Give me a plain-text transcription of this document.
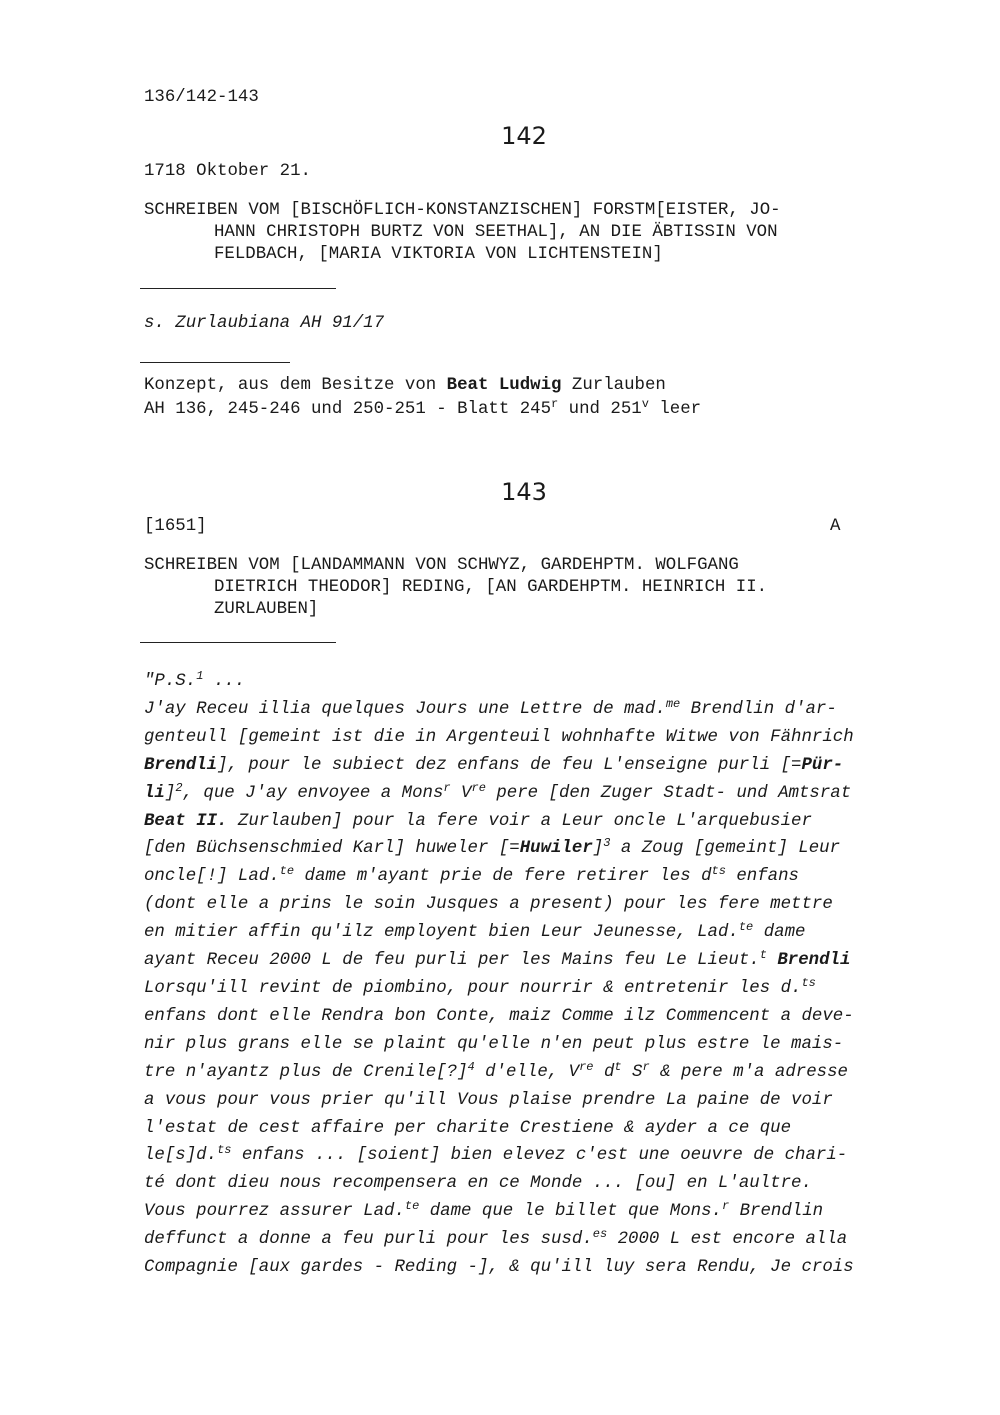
136/142-143
142
1718 Oktober 21.
SCHREIBEN VOM [BISCHÖFLICH-KONSTANZISCHEN] FORSTM[EISTER, JO-
HANN CHRISTOPH BURTZ VON SEETHAL], AN DIE ÄBTISSIN VON
FELDBACH, [MARIA VIKTORIA VON LICHTENSTEIN]
s. Zurlaubiana AH 91/17
Konzept, aus dem Besitze von Beat Ludwig Zurlauben
AH 136, 245-246 und 250-251 - Blatt 245$^r$ und 251$^v$ leer
143
[1651]	A
SCHREIBEN VOM [LANDAMMANN VON SCHWYZ, GARDEHPTM. WOLFGANG
DIETRICH THEODOR] REDING, [AN GARDEHPTM. HEINRICH II.
ZURLAUBEN]
"P.S.$^1$ ...
J'ay Receu illia quelques Jours une Lettre de mad.$^{me}$ Brendlin d'ar-
genteull [gemeint ist die in Argenteuil wohnhafte Witwe von Fähnrich
Brendli], pour le subiect dez enfans de feu L'enseigne purli [=Pür-
li]$^2$, que J'ay envoyee a Mons$^r$ Vre pere [den Zuger Stadt- und Amtsrat
Beat II. Zurlauben] pour la fere voir a Leur oncle L'arquebusier
[den Büchsenschmied Karl] huweler [=Huwiler]$^3$ a Zoug [gemeint] Leur
oncle[!] Lad.$^{te}$ dame m'ayant prie de fere retirer les $d^{ts}$ enfans
(dont elle a prins le soin Jusques a present) pour les fere mettre
en mitier affin qu'ilz employent bien Leur Jeunesse, Lad.$^{te}$ dame
ayant Receu 2000 L de feu purli per les Mains feu Le Lieut.$^t$ Brendli
Lorsqu'ill revint de piombino, pour nourrir & entretenir les d.$^{ts}$
enfans dont elle Rendra bon Conte, maiz Comme ilz Commencent a deve-
nir plus grans elle se plaint qu'elle n'en peut plus estre le mais-
tre n'ayantz plus de Crenile[?]$^4$ d'elle, Vre $d^t$ $S^r$ & pere m'a adresse
a vous pour vous prier qu'ill Vous plaise prendre La paine de voir
l'estat de cest affaire per charite Crestiene & ayder a ce que
le[s]d.$^{ts}$ enfans ... [soient] bien elevez c'est une oeuvre de chari-
té dont dieu nous recompensera en ce Monde ... [ou] en L'aultre.
Vous pourrez assurer Lad.$^{te}$ dame que le billet que Mons.$^r$ Brendlin
deffunct a donne a feu purli pour les susd.$^{es}$ 2000 L est encore alla
Compagnie [aux gardes - Reding -], & qu'ill luy sera Rendu, Je crois
